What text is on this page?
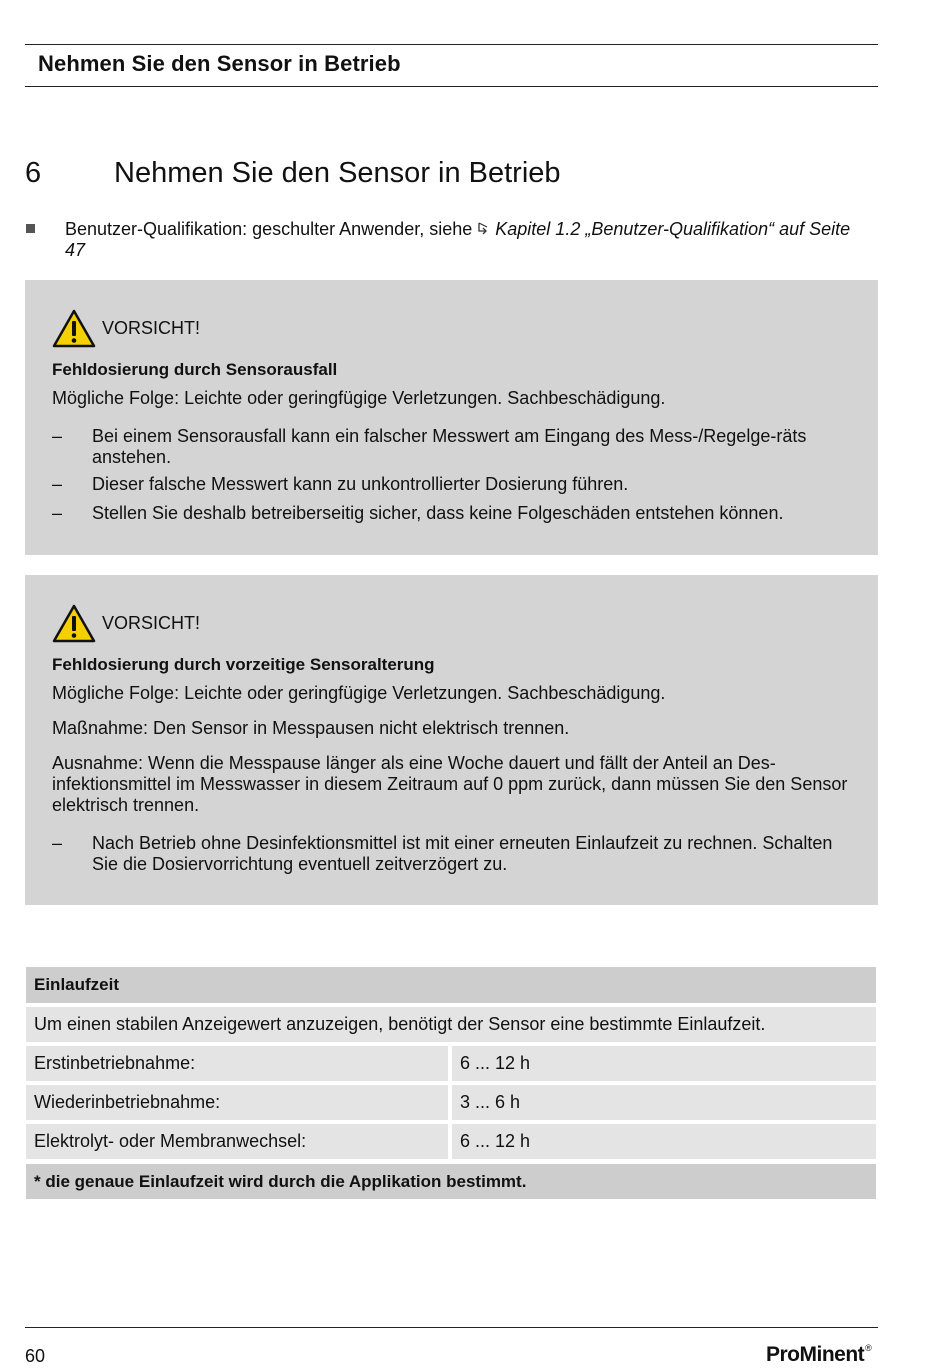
Nehmen Sie den Sensor in Betrieb
6	Nehmen Sie den Sensor in Betrieb
Benutzer-Qualifikation: geschulter Anwender, siehe Kapitel 1.2 „Benutzer-Qualifikation“ auf Seite 47
VORSICHT!
Fehldosierung durch Sensorausfall
Mögliche Folge: Leichte oder geringfügige Verletzungen. Sachbeschädigung.
– Bei einem Sensorausfall kann ein falscher Messwert am Eingang des Mess-/Regelge-räts anstehen.
– Dieser falsche Messwert kann zu unkontrollierter Dosierung führen.
– Stellen Sie deshalb betreiberseitig sicher, dass keine Folgeschäden entstehen können.
VORSICHT!
Fehldosierung durch vorzeitige Sensoralterung
Mögliche Folge: Leichte oder geringfügige Verletzungen. Sachbeschädigung.
Maßnahme: Den Sensor in Messpausen nicht elektrisch trennen.
Ausnahme: Wenn die Messpause länger als eine Woche dauert und fällt der Anteil an Des-infektionsmittel im Messwasser in diesem Zeitraum auf 0 ppm zurück, dann müssen Sie den Sensor elektrisch trennen.
– Nach Betrieb ohne Desinfektionsmittel ist mit einer erneuten Einlaufzeit zu rechnen. Schalten Sie die Dosiervorrichtung eventuell zeitverzögert zu.
Einlaufzeit
Um einen stabilen Anzeigewert anzuzeigen, benötigt der Sensor eine bestimmte Einlaufzeit.
Erstinbetriebnahme:	6 ... 12 h
Wiederinbetriebnahme:	3 ... 6 h
Elektrolyt- oder Membranwechsel:	6 ... 12 h
* die genaue Einlaufzeit wird durch die Applikation bestimmt.
60	ProMinent®
